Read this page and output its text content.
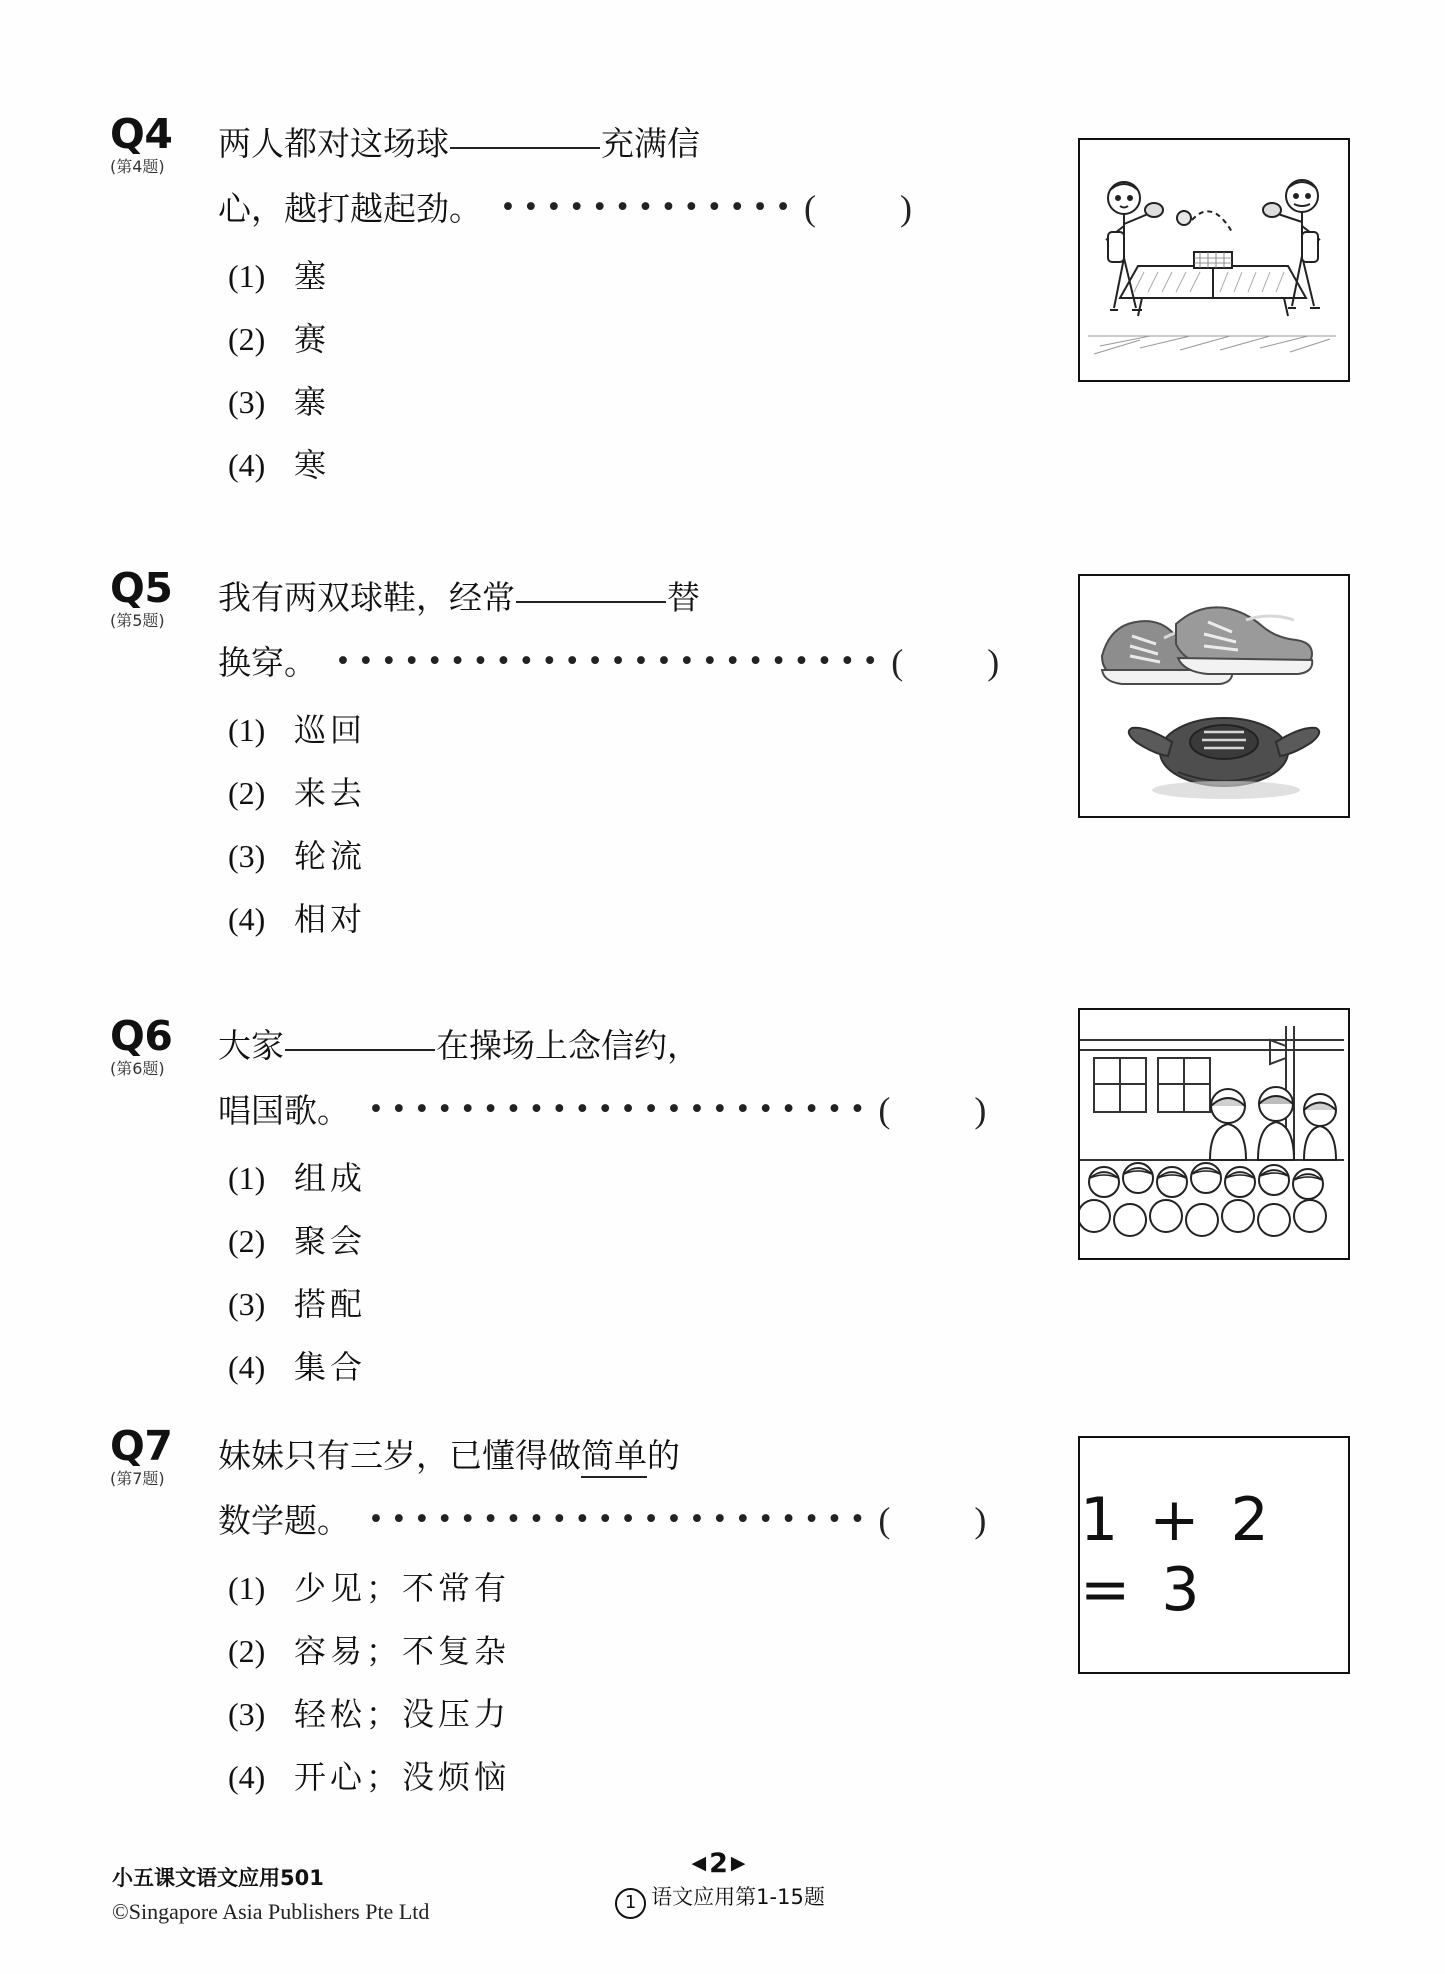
Q4
(第4题)
两人都对这场球	充满信
心，越打越起劲。 ••••••••••••• ( )
(1) 塞
(2) 赛
(3) 寨
(4) 寒
Q5
(第5题)
我有两双球鞋，经常	替
换穿。 •••••••••••••••••••••••• ( )
(1) 巡回
(2) 来去
(3) 轮流
(4) 相对
Q6
(第6题)
大家	在操场上念信约，
唱国歌。 •••••••••••••••••••••• ( )
(1) 组成
(2) 聚会
(3) 搭配
(4) 集合
Q7
(第7题)
妹妹只有三岁，已懂得做简单的
数学题。 •••••••••••••••••••••• ( )
(1) 少见；不常有
(2) 容易；不复杂
(3) 轻松；没压力
(4) 开心；没烦恼
1 + 2 = 3
小五课文语文应用501
©Singapore Asia Publishers Pte Ltd
◀2▶
1 语文应用第1-15题
